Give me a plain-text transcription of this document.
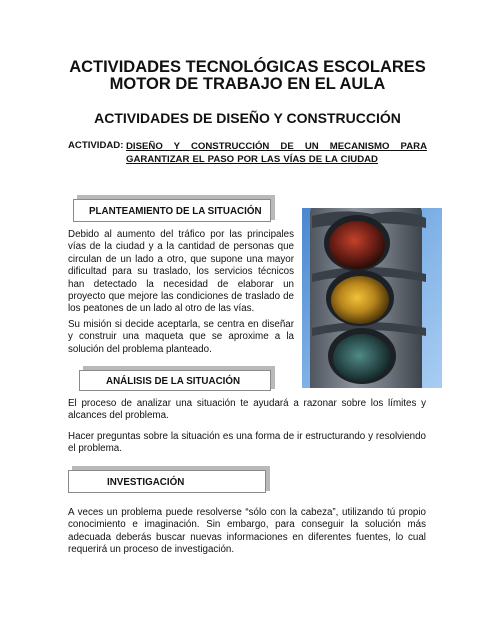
ACTIVIDADES TECNOLÓGICAS ESCOLARES
MOTOR DE TRABAJO EN EL AULA
ACTIVIDADES DE DISEÑO Y CONSTRUCCIÓN
ACTIVIDAD: DISEÑO Y CONSTRUCCIÓN DE UN MECANISMO PARA
GARANTIZAR EL PASO POR LAS VÍAS DE LA CIUDAD
PLANTEAMIENTO DE LA SITUACIÓN
Debido al aumento del tráfico por las principales vías de la ciudad y a la cantidad de personas que circulan de un lado a otro, que supone una mayor dificultad para su traslado, los servicios técnicos han detectado la necesidad de elaborar un proyecto que mejore las condiciones de traslado de los peatones de un lado al otro de las vías.
Su misión si decide aceptarla, se centra en diseñar y construir una maqueta que se aproxime a la solución del problema planteado.
ANÁLISIS DE LA SITUACIÓN
El proceso de analizar una situación te ayudará a razonar sobre los límites y alcances del problema.
Hacer preguntas sobre la situación es una forma de ir estructurando y resolviendo el problema.
INVESTIGACIÓN
A veces un problema puede resolverse “sólo con la cabeza”, utilizando tú propio conocimiento e imaginación. Sin embargo, para conseguir la solución más adecuada deberás buscar nuevas informaciones en diferentes fuentes, lo cual requerirá un proceso de investigación.
